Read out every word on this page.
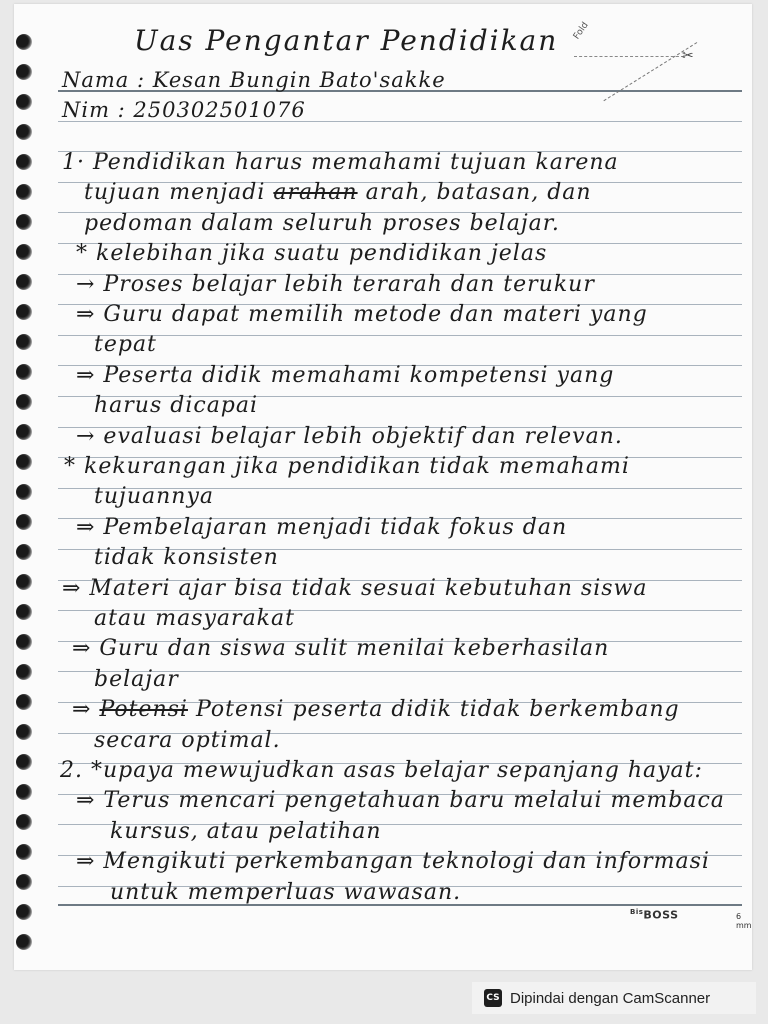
Fold
✂
Uas Pengantar Pendidikan
Nama : Kesan Bungin Bato'sakke
Nim : 250302501076
1· Pendidikan harus memahami tujuan karena
tujuan menjadi arahan arah, batasan, dan
pedoman dalam seluruh proses belajar.
* kelebihan jika suatu pendidikan jelas
→ Proses belajar lebih terarah dan terukur
⇒ Guru dapat memilih metode dan materi yang
tepat
⇒ Peserta didik memahami kompetensi yang
harus dicapai
→ evaluasi belajar lebih objektif dan relevan.
* kekurangan jika pendidikan tidak memahami
tujuannya
⇒ Pembelajaran menjadi tidak fokus dan
tidak konsisten
⇒ Materi ajar bisa tidak sesuai kebutuhan siswa
atau masyarakat
⇒ Guru dan siswa sulit menilai keberhasilan
belajar
⇒ Potensi Potensi peserta didik tidak berkembang
secara optimal.
2. *upaya mewujudkan asas belajar sepanjang hayat:
⇒ Terus mencari pengetahuan baru melalui membaca
kursus, atau pelatihan
⇒ Mengikuti perkembangan teknologi dan informasi
untuk memperluas wawasan.
$^{Bis}$BOSS	6 mm
CS Dipindai dengan CamScanner
